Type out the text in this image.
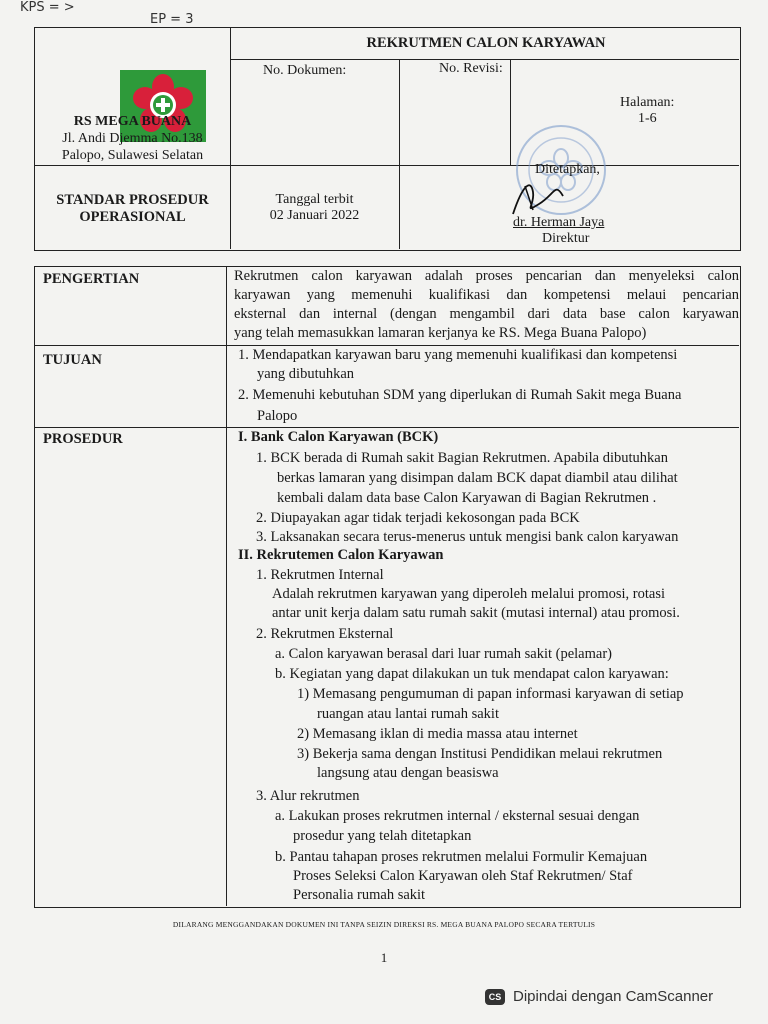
KPS = >
EP = 3
RS MEGA BUANA
Jl. Andi Djemma No.138
Palopo, Sulawesi Selatan
STANDAR PROSEDUR
OPERASIONAL
REKRUTMEN CALON KARYAWAN
No. Dokumen:	No. Revisi:
Halaman:
1-6
Tanggal terbit
02 Januari 2022
Ditetapkan,
dr. Herman Jaya
Direktur
PENGERTIAN
TUJUAN
PROSEDUR
Rekrutmen calon karyawan adalah proses pencarian dan menyeleksi calon
karyawan yang memenuhi kualifikasi dan kompetensi melaui pencarian
eksternal dan internal (dengan mengambil dari data base calon karyawan
yang telah memasukkan lamaran kerjanya ke RS. Mega Buana Palopo)
1. Mendapatkan karyawan baru yang memenuhi kualifikasi dan kompetensi
yang dibutuhkan
2. Memenuhi kebutuhan SDM yang diperlukan di Rumah Sakit mega Buana
Palopo
I. Bank Calon Karyawan (BCK)
1. BCK berada di Rumah sakit Bagian Rekrutmen. Apabila dibutuhkan
berkas lamaran yang disimpan dalam BCK dapat diambil atau dilihat
kembali dalam data base Calon Karyawan di Bagian Rekrutmen .
2. Diupayakan agar tidak terjadi kekosongan pada BCK
3. Laksanakan secara terus-menerus untuk mengisi bank calon karyawan
II. Rekrutemen Calon Karyawan
1. Rekrutmen Internal
Adalah rekrutmen karyawan yang diperoleh melalui promosi, rotasi
antar unit kerja dalam satu rumah sakit (mutasi internal) atau promosi.
2. Rekrutmen Eksternal
a. Calon karyawan berasal dari luar rumah sakit (pelamar)
b. Kegiatan yang dapat dilakukan un tuk mendapat calon karyawan:
1) Memasang pengumuman di papan informasi karyawan di setiap
ruangan atau lantai rumah sakit
2) Memasang iklan di media massa atau internet
3) Bekerja sama dengan Institusi Pendidikan melaui rekrutmen
langsung atau dengan beasiswa
3. Alur rekrutmen
a. Lakukan proses rekrutmen internal / eksternal sesuai dengan
prosedur yang telah ditetapkan
b. Pantau tahapan proses rekrutmen melalui Formulir Kemajuan
Proses Seleksi Calon Karyawan oleh Staf Rekrutmen/ Staf
Personalia rumah sakit
DILARANG MENGGANDAKAN DOKUMEN INI TANPA SEIZIN DIREKSI RS. MEGA BUANA PALOPO SECARA TERTULIS
1
CS Dipindai dengan CamScanner
